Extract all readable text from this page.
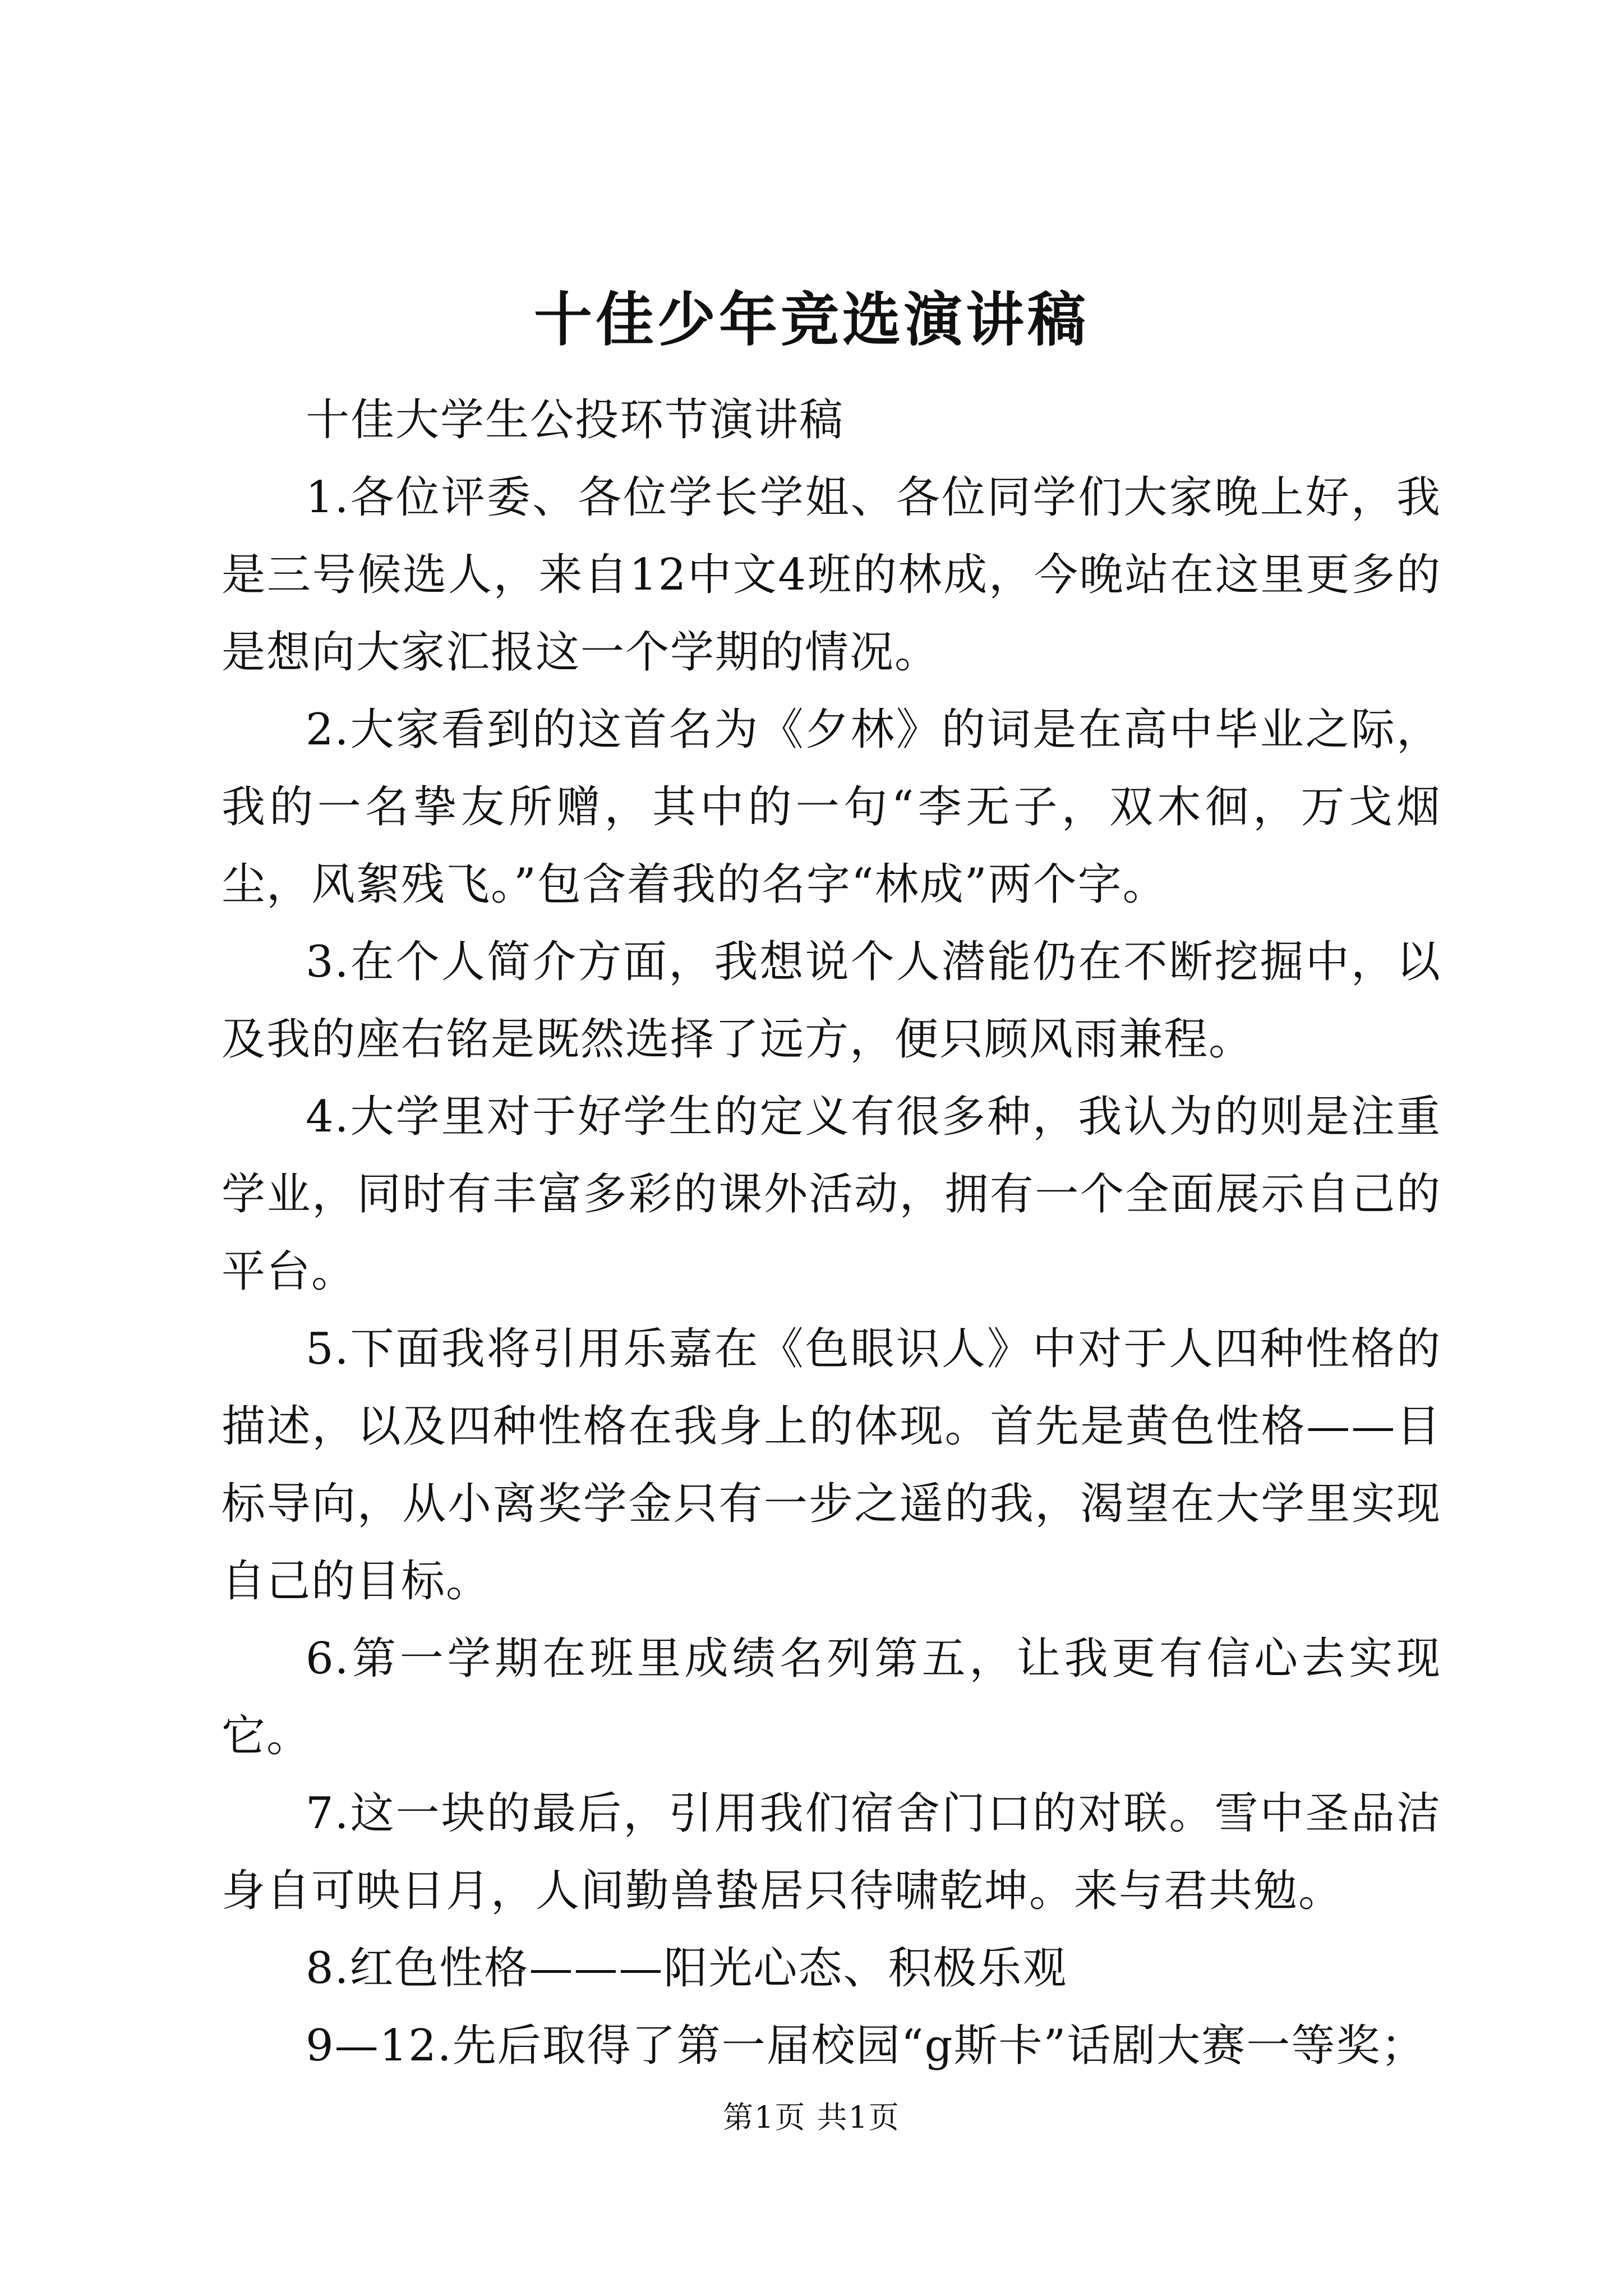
十佳少年竞选演讲稿

十佳大学生公投环节演讲稿

1.各位评委、各位学长学姐、各位同学们大家晚上好，我是三号候选人，来自12中文4班的林成，今晚站在这里更多的是想向大家汇报这一个学期的情况。

2.大家看到的这首名为《夕林》的词是在高中毕业之际，我的一名挚友所赠，其中的一句“李无子，双木徊，万戈烟尘，风絮残飞。”包含着我的名字“林成”两个字。

3.在个人简介方面，我想说个人潜能仍在不断挖掘中，以及我的座右铭是既然选择了远方，便只顾风雨兼程。

4.大学里对于好学生的定义有很多种，我认为的则是注重学业，同时有丰富多彩的课外活动，拥有一个全面展示自己的平台。

5.下面我将引用乐嘉在《色眼识人》中对于人四种性格的描述，以及四种性格在我身上的体现。首先是黄色性格——目标导向，从小离奖学金只有一步之遥的我，渴望在大学里实现自己的目标。

6.第一学期在班里成绩名列第五，让我更有信心去实现它。

7.这一块的最后，引用我们宿舍门口的对联。雪中圣品洁身自可映日月，人间勤兽蛰居只待啸乾坤。来与君共勉。

8.红色性格———阳光心态、积极乐观

9—12.先后取得了第一届校园“g斯卡”话剧大赛一等奖；

第1页 共1页
